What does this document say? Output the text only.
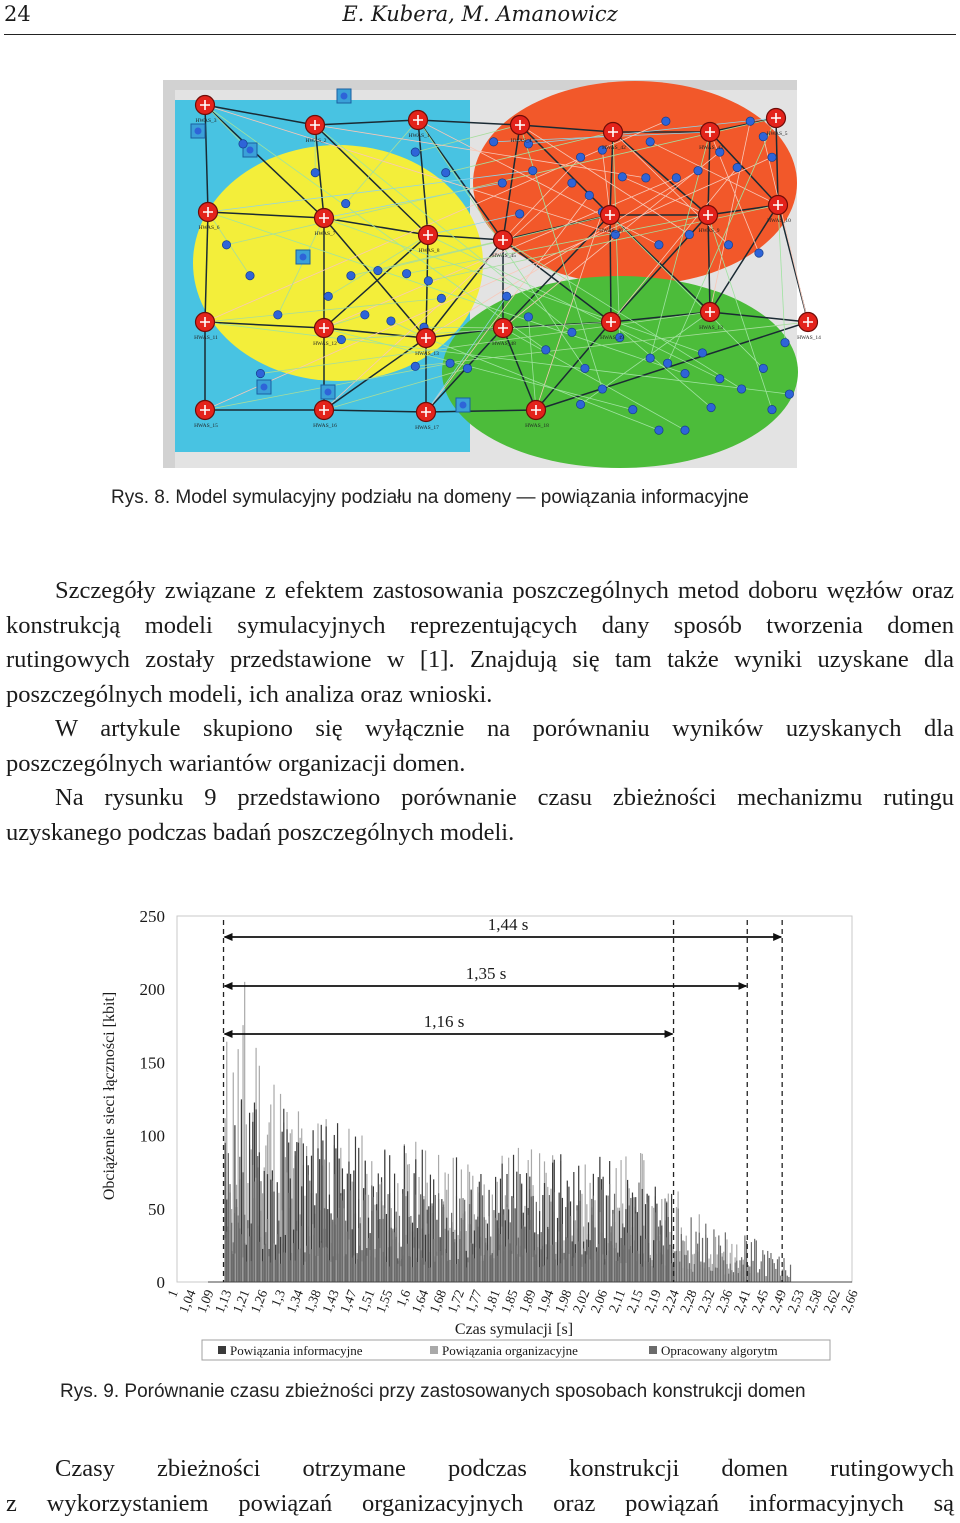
24	E. Kubera, M. Amanowicz
HWAS_3
HWAS_2
HWAS_1
HWAS_4
HWAS_42	HWAS_43
HWAS_5
HWAS_6
HWAS_7
HWAS_8
HWAS_45
HWAS_46	HWAS_9
HWAS_10
HWAS_11
HWAS_12
HWAS_13
HWAS_48
HWAS_49
HWAS_13
HWAS_14
HWAS_15	HWAS_16	HWAS_17	HWAS_18
Rys. 8. Model symulacyjny podziału na domeny — powiązania informacyjne

Szczegóły związane z efektem zastosowania poszczególnych metod doboru węzłów oraz konstrukcją modeli symulacyjnych reprezentujących dany sposób tworzenia domen rutingowych zostały przedstawione w [1]. Znajdują się tam także wyniki uzyskane dla poszczególnych modeli, ich analiza oraz wnioski.

W artykule skupiono się wyłącznie na porównaniu wyników uzyskanych dla poszczególnych wariantów organizacji domen.

Na rysunku 9 przedstawiono porównanie czasu zbieżności mechanizmu rutingu uzyskanego podczas badań poszczególnych modeli.

0
50
100
150
200
250
1
1,04
1,09
1,13
1,21
1,26
1,3
1,34
1,38
1,43
1,47
1,51
1,55
1,6
1,64
1,68
1,72
1,77
1,81
1,85
1,89
1,94
1,98
2,02
2,06
2,11
2,15
2,19
2,24
2,28
2,32
2,36
2,41
2,45
2,49
2,53
2,58
2,62
2,66
1,44 s
1,35 s
1,16 s
Obciążenie sieci łączności [kbit]
Czas symulacji [s]
Powiązania informacyjne	Powiązania organizacyjne	Opracowany algorytm
Rys. 9. Porównanie czasu zbieżności przy zastosowanych sposobach konstrukcji domen

Czasy zbieżności otrzymane podczas konstrukcji domen rutingowych

z wykorzystaniem powiązań organizacyjnych oraz powiązań informacyjnych są
